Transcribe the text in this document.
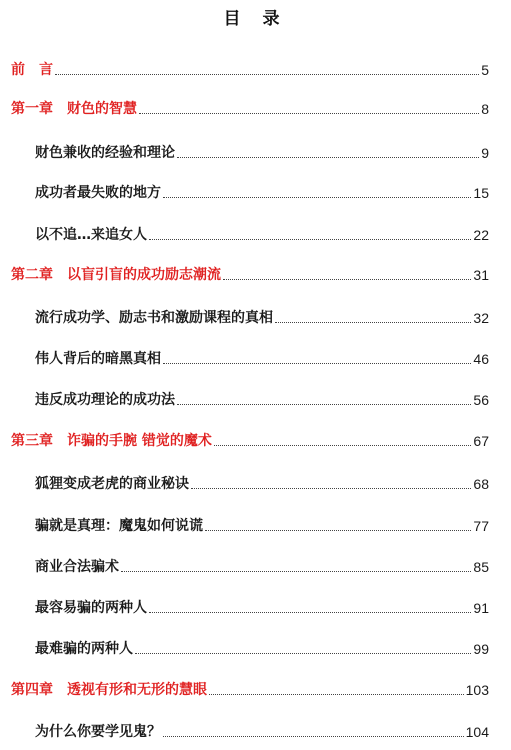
目 录
前　言	5
第一章　财色的智慧	8
财色兼收的经验和理论	9
成功者最失败的地方	15
以不追…来追女人	22
第二章　以盲引盲的成功励志潮流	31
流行成功学、励志书和激励课程的真相	32
伟人背后的暗黑真相	46
违反成功理论的成功法	56
第三章　诈骗的手腕 错觉的魔术	67
狐狸变成老虎的商业秘诀	68
骗就是真理：魔鬼如何说谎	77
商业合法骗术	85
最容易骗的两种人	91
最难骗的两种人	99
第四章　透视有形和无形的慧眼	103
为什么你要学见鬼？	104
